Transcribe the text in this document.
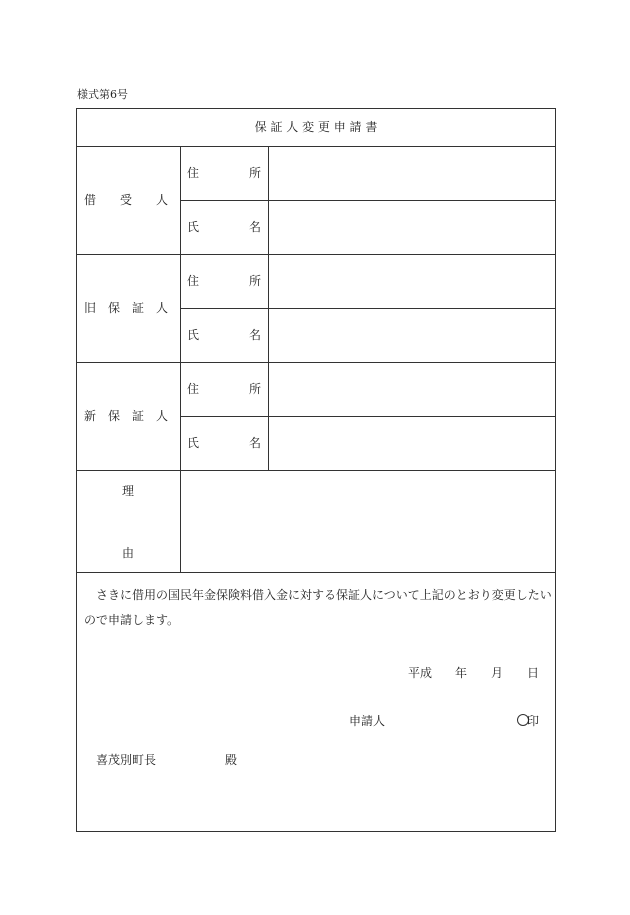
様式第6号
保 証 人 変 更 申 請 書
借　　受　　人
住	所
氏	名
旧　保　証　人
住	所
氏	名
新　保　証　人
住	所
氏	名
理
由
さきに借用の国民年金保険料借入金に対する保証人について上記のとおり変更したい
ので申請します。
平成 年 月 日
申請人	印
喜茂別町長	殿
